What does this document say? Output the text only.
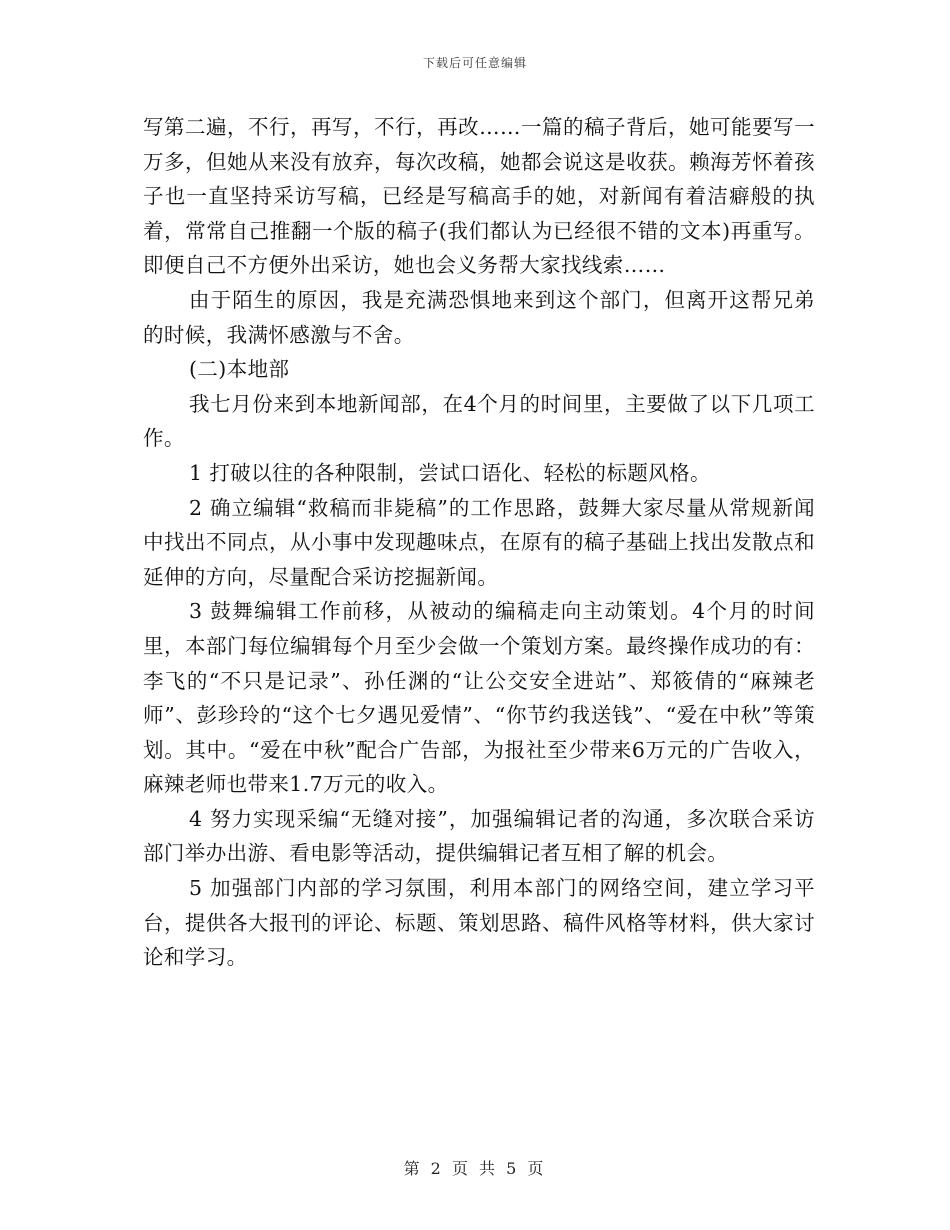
下载后可任意编辑

写第二遍，不行，再写，不行，再改……一篇的稿子背后，她可能要写一万多，但她从来没有放弃，每次改稿，她都会说这是收获。赖海芳怀着孩子也一直坚持采访写稿，已经是写稿高手的她，对新闻有着洁癖般的执着，常常自己推翻一个版的稿子(我们都认为已经很不错的文本)再重写。即便自己不方便外出采访，她也会义务帮大家找线索……

由于陌生的原因，我是充满恐惧地来到这个部门，但离开这帮兄弟的时候，我满怀感激与不舍。

(二)本地部

我七月份来到本地新闻部，在4个月的时间里，主要做了以下几项工作。

1 打破以往的各种限制，尝试口语化、轻松的标题风格。

2 确立编辑“救稿而非毙稿”的工作思路，鼓舞大家尽量从常规新闻中找出不同点，从小事中发现趣味点，在原有的稿子基础上找出发散点和延伸的方向，尽量配合采访挖掘新闻。

3 鼓舞编辑工作前移，从被动的编稿走向主动策划。4个月的时间里，本部门每位编辑每个月至少会做一个策划方案。最终操作成功的有：李飞的“不只是记录”、孙任渊的“让公交安全进站”、郑筱倩的“麻辣老师”、彭珍玲的“这个七夕遇见爱情”、“你节约我送钱”、“爱在中秋”等策划。其中。“爱在中秋”配合广告部，为报社至少带来6万元的广告收入，麻辣老师也带来1.7万元的收入。

4 努力实现采编“无缝对接”，加强编辑记者的沟通，多次联合采访部门举办出游、看电影等活动，提供编辑记者互相了解的机会。

5 加强部门内部的学习氛围，利用本部门的网络空间，建立学习平台，提供各大报刊的评论、标题、策划思路、稿件风格等材料，供大家讨论和学习。

第 2 页 共 5 页
